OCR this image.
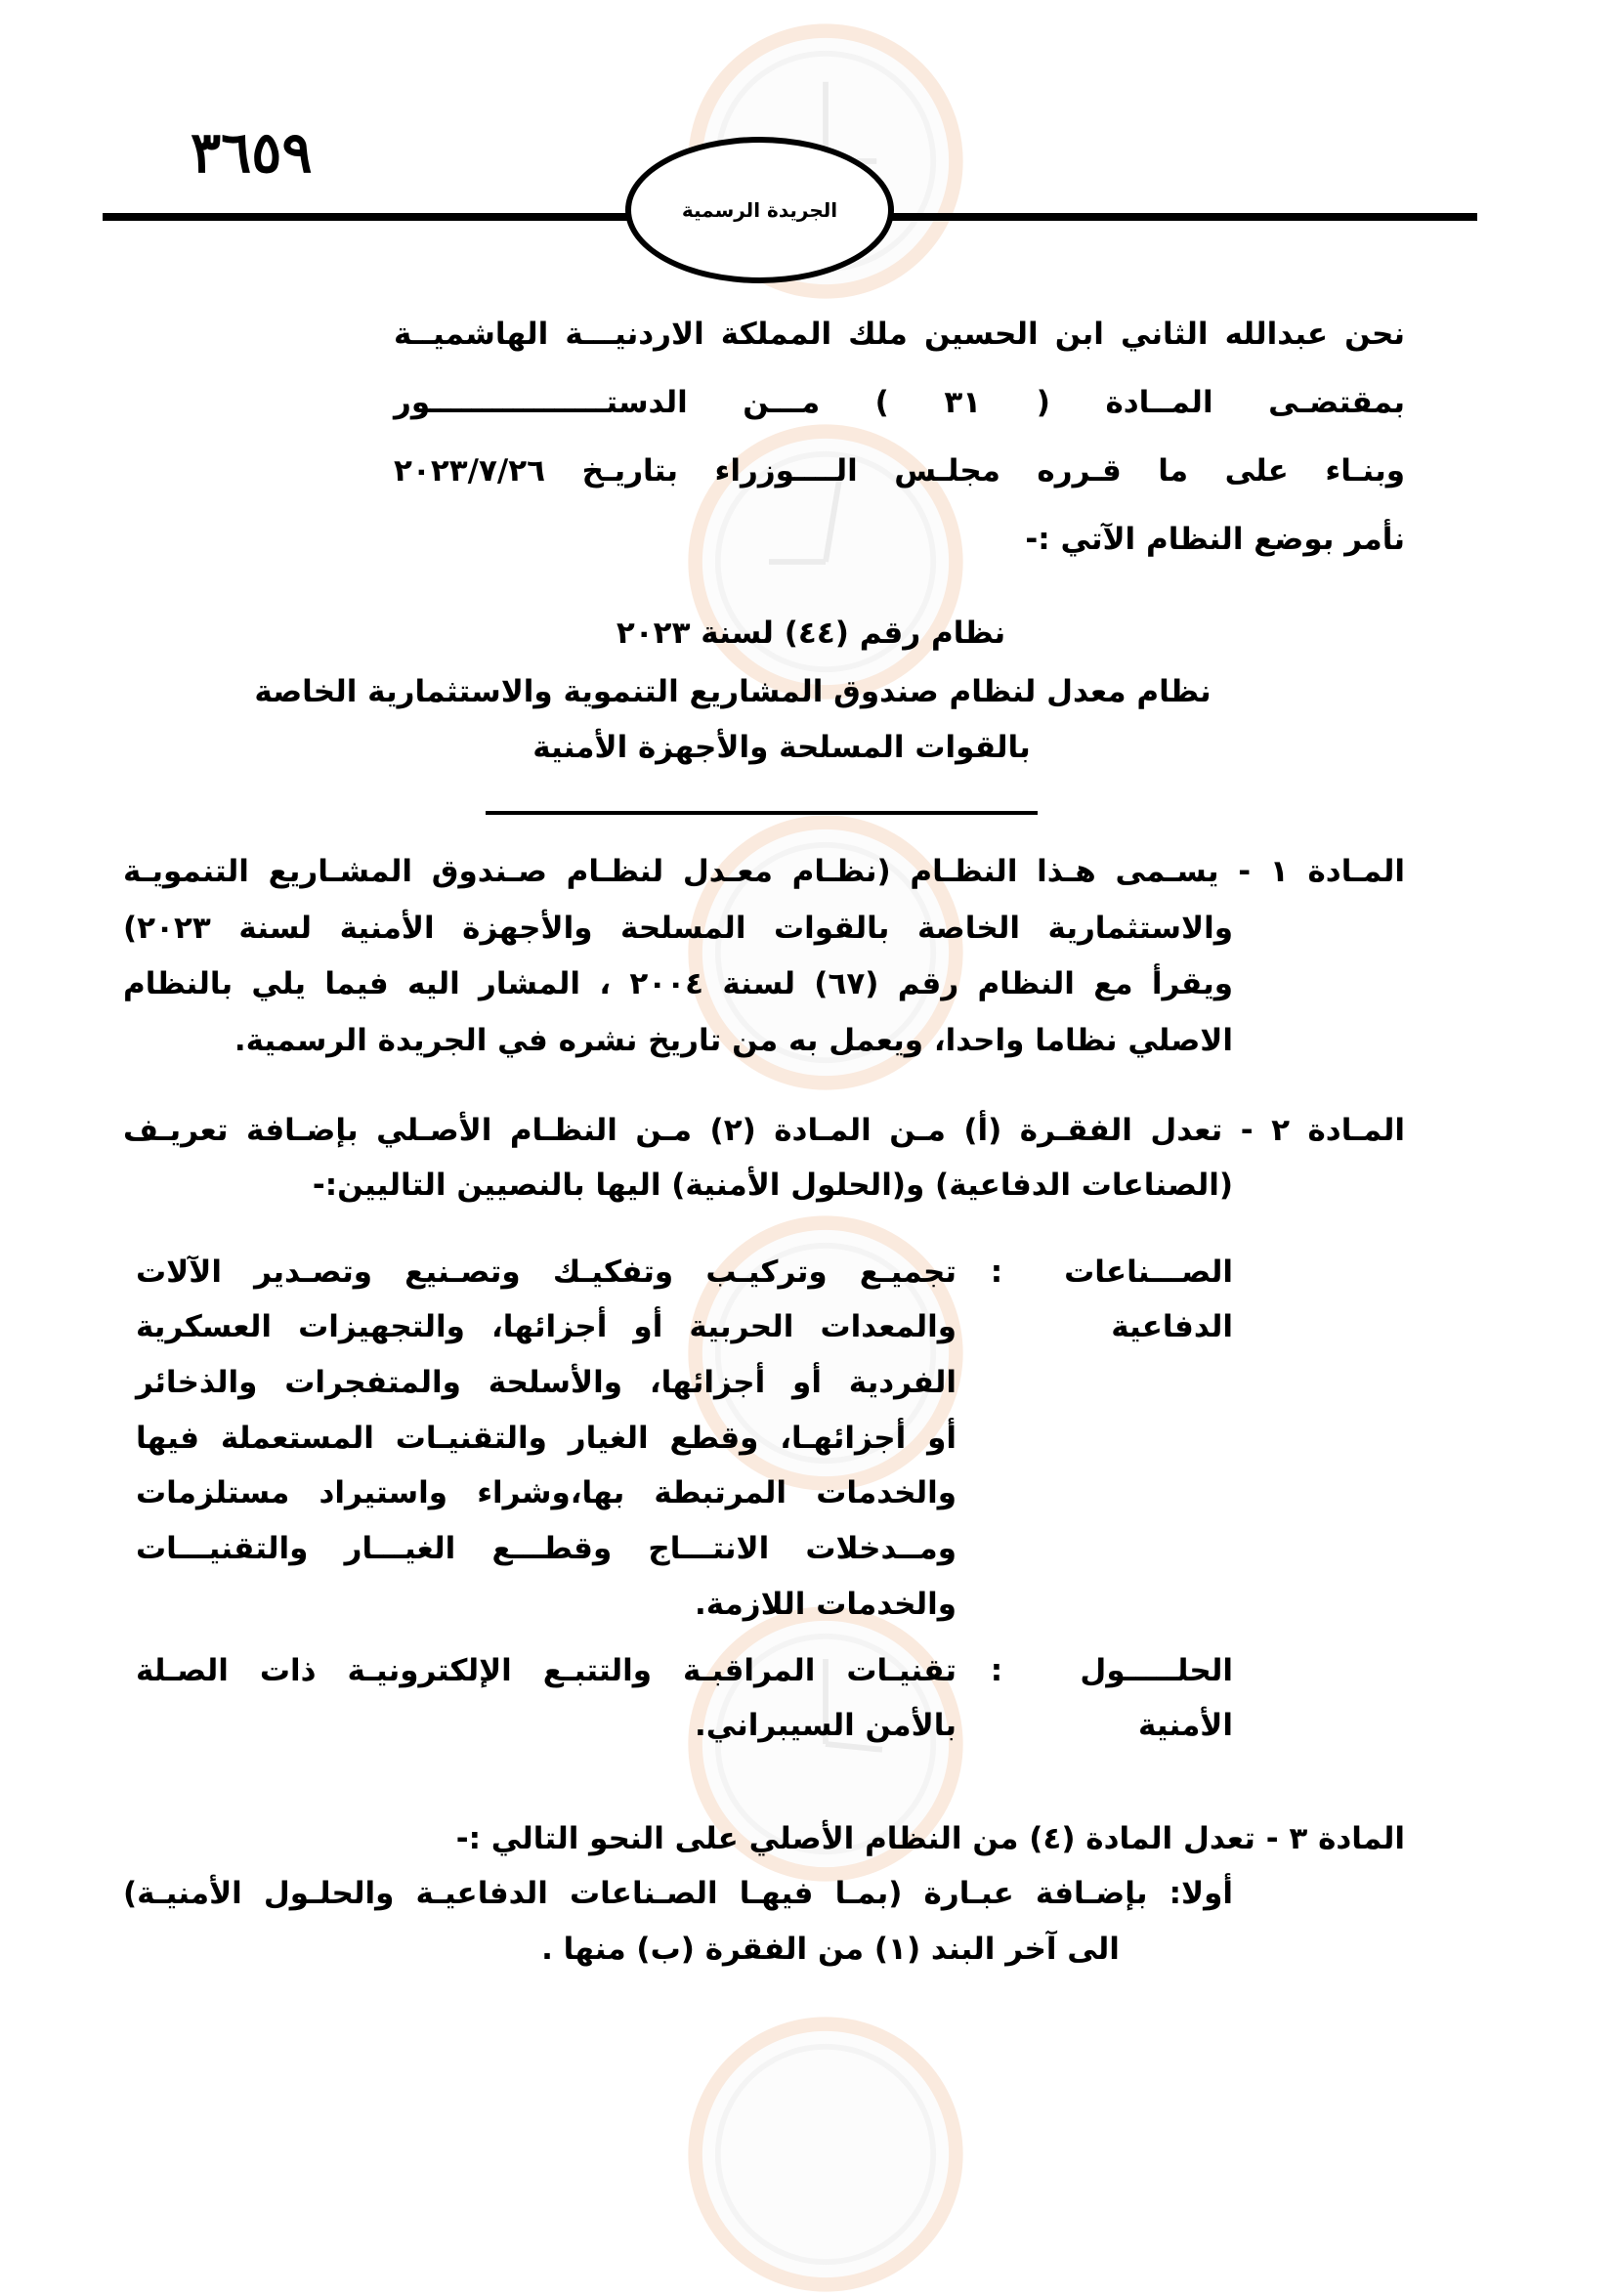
٣٦٥٩
الجريدة الرسمية
نحن عبدالله الثاني ابن الحسين ملك المملكة الاردنيـــة الهاشميــة
بمقتضـى المــادة ( ٣١ ) مـــن الدستـــــــــــــــــور
وبنـاء على ما قـرره مجلـس الــــوزراء بتاريـخ ٢٠٢٣/٧/٢٦
نأمر بوضع النظام الآتي :-
نظام رقم (٤٤) لسنة ٢٠٢٣
نظام معدل لنظام صندوق المشاريع التنموية والاستثمارية الخاصة
بالقوات المسلحة والأجهزة الأمنية
المـادة ١ - يسـمى هـذا النظـام (نظـام معـدل لنظـام صـندوق المشـاريع التنمويـة
والاستثمارية الخاصة بالقوات المسلحة والأجهزة الأمنية لسنة ٢٠٢٣)
ويقرأ مع النظام رقم (٦٧) لسنة ٢٠٠٤ ، المشار اليه فيما يلي بالنظام
الاصلي نظاما واحدا، ويعمل به من تاريخ نشره في الجريدة الرسمية.
المـادة ٢ - تعدل الفقـرة (أ) مـن المـادة (٢) مـن النظـام الأصـلي بإضـافة تعريـف
(الصناعات الدفاعية) و(الحلول الأمنية) اليها بالنصيين التاليين:-
الصـــناعات
الدفاعية
:
تجميـع وتركيـب وتفكيـك وتصـنيع وتصـدير الآلات
والمعدات الحربية أو أجزائها، والتجهيزات العسكرية
الفردية أو أجزائها، والأسلحة والمتفجرات والذخائر
أو أجزائهـا، وقطع الغيار والتقنيـات المستعملة فيها
والخدمات المرتبطة بها،وشراء واستيراد مستلزمات
ومــدخلات الانتـــاج وقطـــع الغيـــار والتقنيـــات
والخدمات اللازمة.
الحلـــــول
الأمنية
:
تقنيـات المراقبـة والتتبـع الإلكترونيـة ذات الصـلة
بالأمن السيبراني.
المادة ٣ - تعدل المادة (٤) من النظام الأصلي على النحو التالي :-
أولا: بإضـافة عبـارة (بمـا فيهـا الصـناعات الدفاعيـة والحلـول الأمنيـة)
الى آخر البند (١) من الفقرة (ب) منها .
